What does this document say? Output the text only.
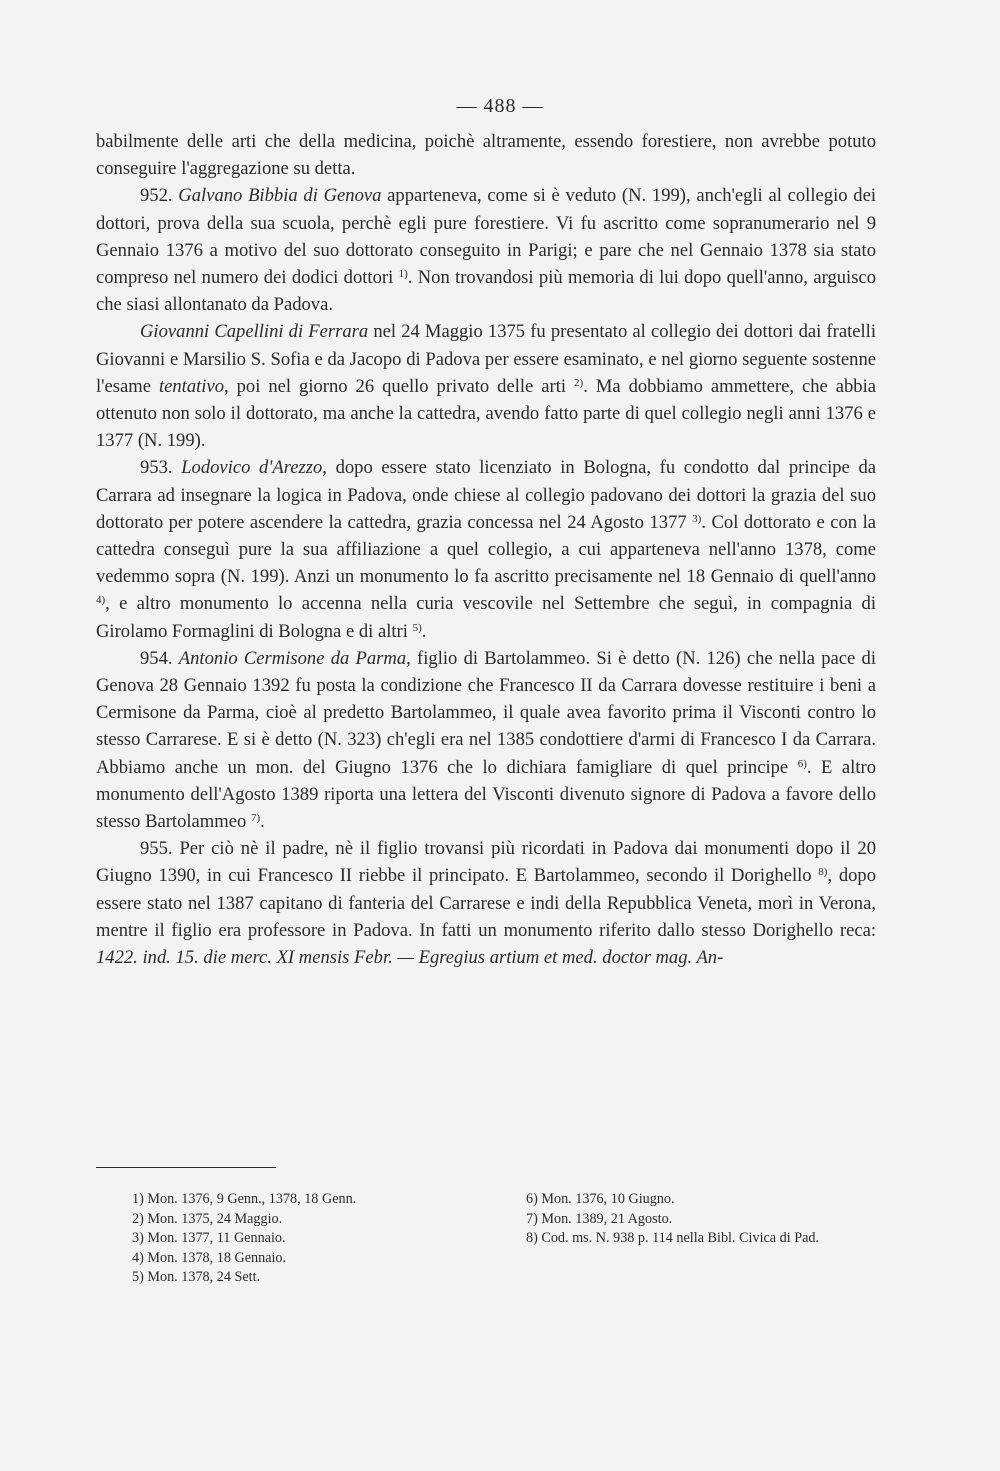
— 488 —

babilmente delle arti che della medicina, poichè altramente, essendo forestiere, non avrebbe potuto conseguire l'aggregazione su detta.

952. Galvano Bibbia di Genova apparteneva, come si è veduto (N. 199), anch'egli al collegio dei dottori, prova della sua scuola, perchè egli pure forestiere. Vi fu ascritto come sopranumerario nel 9 Gennaio 1376 a motivo del suo dottorato conseguito in Parigi; e pare che nel Gennaio 1378 sia stato compreso nel numero dei dodici dottori $^{1)}$. Non trovandosi più memoria di lui dopo quell'anno, arguisco che siasi allontanato da Padova.

Giovanni Capellini di Ferrara nel 24 Maggio 1375 fu presentato al collegio dei dottori dai fratelli Giovanni e Marsilio S. Sofia e da Jacopo di Padova per essere esaminato, e nel giorno seguente sostenne l'esame tentativo, poi nel giorno 26 quello privato delle arti $^{2)}$. Ma dobbiamo ammettere, che abbia ottenuto non solo il dottorato, ma anche la cattedra, avendo fatto parte di quel collegio negli anni 1376 e 1377 (N. 199).

953. Lodovico d'Arezzo, dopo essere stato licenziato in Bologna, fu condotto dal principe da Carrara ad insegnare la logica in Padova, onde chiese al collegio padovano dei dottori la grazia del suo dottorato per potere ascendere la cattedra, grazia concessa nel 24 Agosto 1377 $^{3)}$. Col dottorato e con la cattedra conseguì pure la sua affiliazione a quel collegio, a cui apparteneva nell'anno 1378, come vedemmo sopra (N. 199). Anzi un monumento lo fa ascritto precisamente nel 18 Gennaio di quell'anno $^{4)}$, e altro monumento lo accenna nella curia vescovile nel Settembre che seguì, in compagnia di Girolamo Formaglini di Bologna e di altri $^{5)}$.

954. Antonio Cermisone da Parma, figlio di Bartolammeo. Si è detto (N. 126) che nella pace di Genova 28 Gennaio 1392 fu posta la condizione che Francesco II da Carrara dovesse restituire i beni a Cermisone da Parma, cioè al predetto Bartolammeo, il quale avea favorito prima il Visconti contro lo stesso Carrarese. E si è detto (N. 323) ch'egli era nel 1385 condottiere d'armi di Francesco I da Carrara. Abbiamo anche un mon. del Giugno 1376 che lo dichiara famigliare di quel principe $^{6)}$. E altro monumento dell'Agosto 1389 riporta una lettera del Visconti divenuto signore di Padova a favore dello stesso Bartolammeo $^{7)}$.

955. Per ciò nè il padre, nè il figlio trovansi più ricordati in Padova dai monumenti dopo il 20 Giugno 1390, in cui Francesco II riebbe il principato. E Bartolammeo, secondo il Dorighello $^{8)}$, dopo essere stato nel 1387 capitano di fanteria del Carrarese e indi della Repubblica Veneta, morì in Verona, mentre il figlio era professore in Padova. In fatti un monumento riferito dallo stesso Dorighello reca: 1422. ind. 15. die merc. XI mensis Febr. — Egregius artium et med. doctor mag. An-

1) Mon. 1376, 9 Genn., 1378, 18 Genn.
2) Mon. 1375, 24 Maggio.
3) Mon. 1377, 11 Gennaio.
4) Mon. 1378, 18 Gennaio.
5) Mon. 1378, 24 Sett.
6) Mon. 1376, 10 Giugno.
7) Mon. 1389, 21 Agosto.
8) Cod. ms. N. 938 p. 114 nella Bibl. Civica di Pad.
